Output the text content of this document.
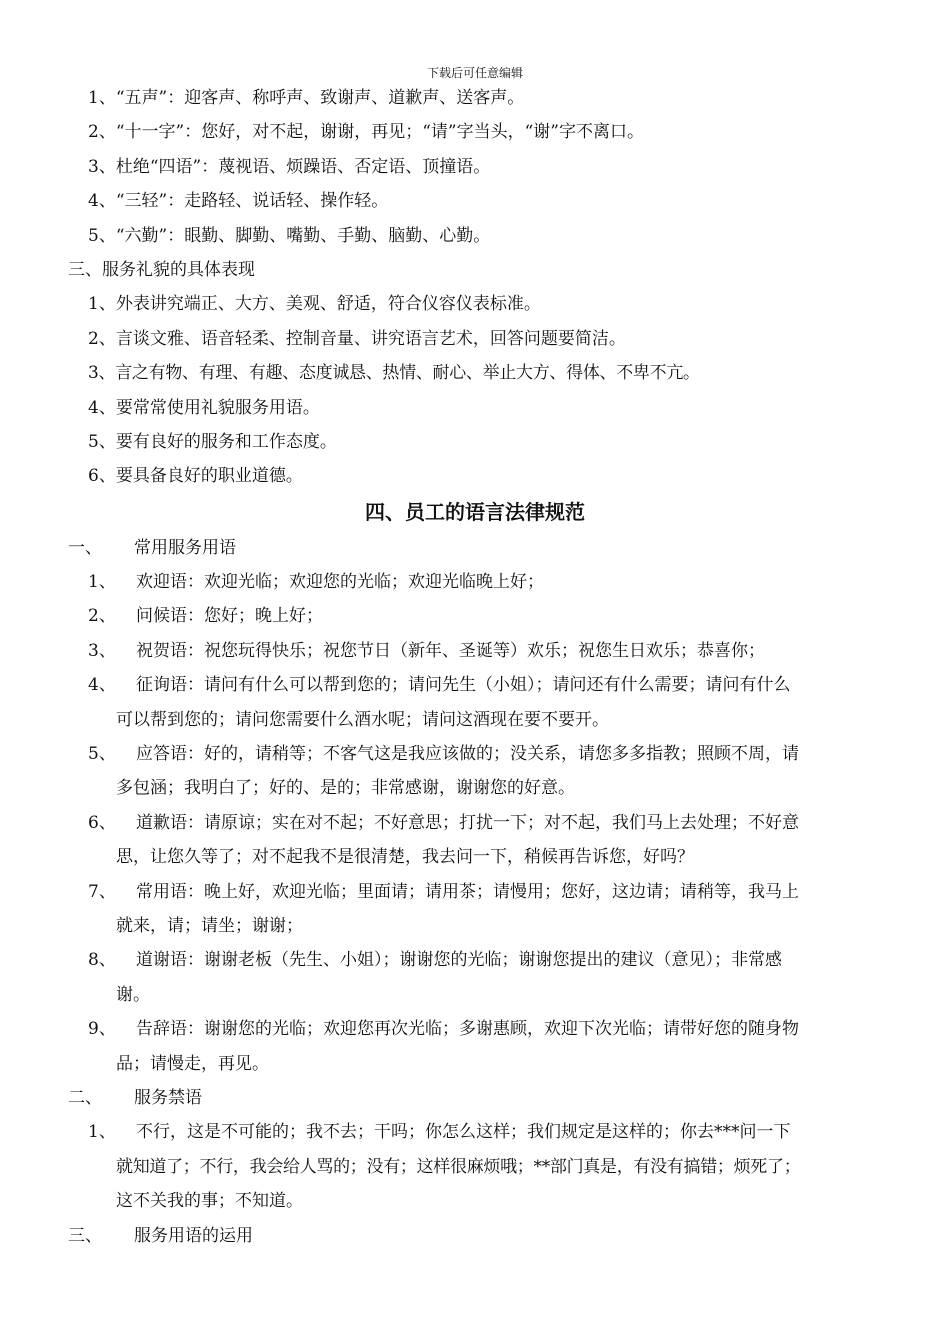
下载后可任意编辑
1、“五声”：迎客声、称呼声、致谢声、道歉声、送客声。
2、“十一字”：您好，对不起，谢谢，再见；“请”字当头，“谢”字不离口。
3、杜绝“四语”：蔑视语、烦躁语、否定语、顶撞语。
4、“三轻”：走路轻、说话轻、操作轻。
5、“六勤”：眼勤、脚勤、嘴勤、手勤、脑勤、心勤。
三、服务礼貌的具体表现
1、外表讲究端正、大方、美观、舒适，符合仪容仪表标准。
2、言谈文雅、语音轻柔、控制音量、讲究语言艺术，回答问题要简洁。
3、言之有物、有理、有趣、态度诚恳、热情、耐心、举止大方、得体、不卑不亢。
4、要常常使用礼貌服务用语。
5、要有良好的服务和工作态度。
6、要具备良好的职业道德。
四、员工的语言法律规范
一、 常用服务用语
1、	欢迎语：欢迎光临；欢迎您的光临；欢迎光临晚上好；
2、	问候语：您好；晚上好；
3、	祝贺语：祝您玩得快乐；祝您节日（新年、圣诞等）欢乐；祝您生日欢乐；恭喜你；
4、	征询语：请问有什么可以帮到您的；请问先生（小姐）；请问还有什么需要；请问有什么
可以帮到您的；请问您需要什么酒水呢；请问这酒现在要不要开。
5、	应答语：好的，请稍等；不客气这是我应该做的；没关系，请您多多指教；照顾不周，请
多包涵；我明白了；好的、是的；非常感谢，谢谢您的好意。
6、	道歉语：请原谅；实在对不起；不好意思；打扰一下；对不起，我们马上去处理；不好意
思，让您久等了；对不起我不是很清楚，我去问一下，稍候再告诉您，好吗？
7、	常用语：晚上好，欢迎光临；里面请；请用茶；请慢用；您好，这边请；请稍等，我马上
就来，请；请坐；谢谢；
8、	道谢语：谢谢老板（先生、小姐）；谢谢您的光临；谢谢您提出的建议（意见）；非常感
谢。
9、	告辞语：谢谢您的光临；欢迎您再次光临；多谢惠顾，欢迎下次光临；请带好您的随身物
品；请慢走，再见。
二、 服务禁语
1、	不行，这是不可能的；我不去；干吗；你怎么这样；我们规定是这样的；你去***问一下
就知道了；不行，我会给人骂的；没有；这样很麻烦哦；**部门真是，有没有搞错；烦死了；
这不关我的事；不知道。
三、 服务用语的运用
